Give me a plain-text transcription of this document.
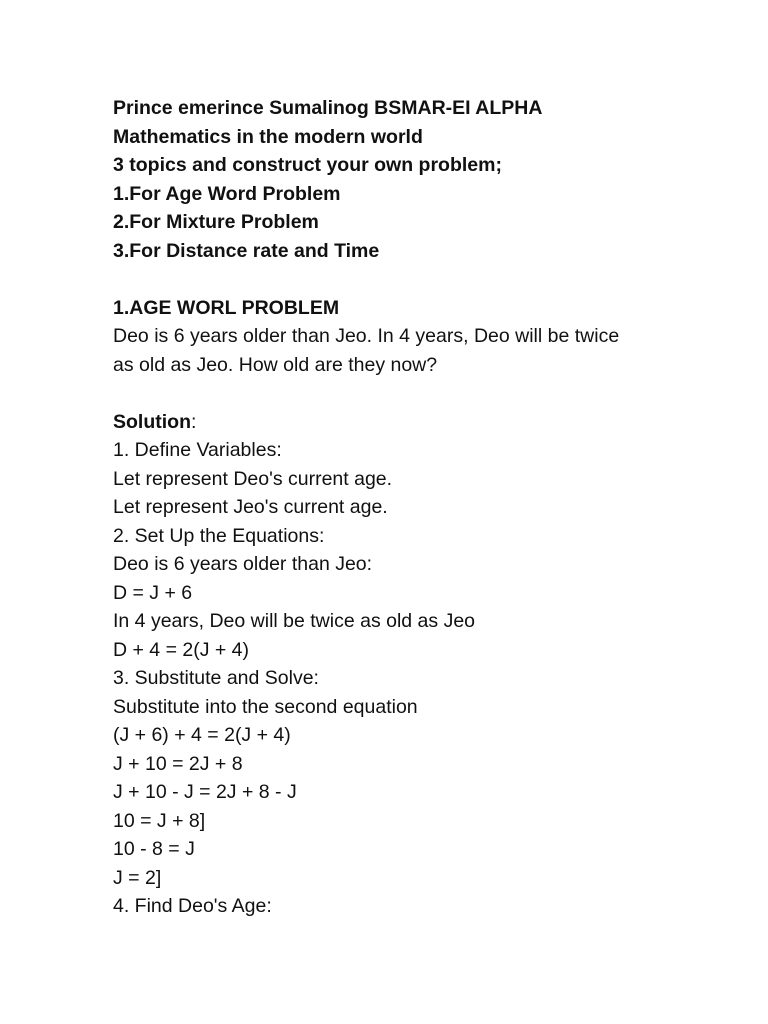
Prince emerince Sumalinog BSMAR-EI ALPHA
Mathematics in the modern world
3 topics and construct your own problem;
1.For Age Word Problem
2.For Mixture Problem
3.For Distance rate and Time
1.AGE WORL PROBLEM
Deo is 6 years older than Jeo. In 4 years, Deo will be twice
as old as Jeo. How old are they now?
Solution:
1. Define Variables:
Let represent Deo's current age.
Let represent Jeo's current age.
2. Set Up the Equations:
Deo is 6 years older than Jeo:
D = J + 6
In 4 years, Deo will be twice as old as Jeo
D + 4 = 2(J + 4)
3. Substitute and Solve:
Substitute into the second equation
(J + 6) + 4 = 2(J + 4)
J + 10 = 2J + 8
J + 10 - J = 2J + 8 - J
10 = J + 8]
10 - 8 = J
J = 2]
4. Find Deo's Age:
